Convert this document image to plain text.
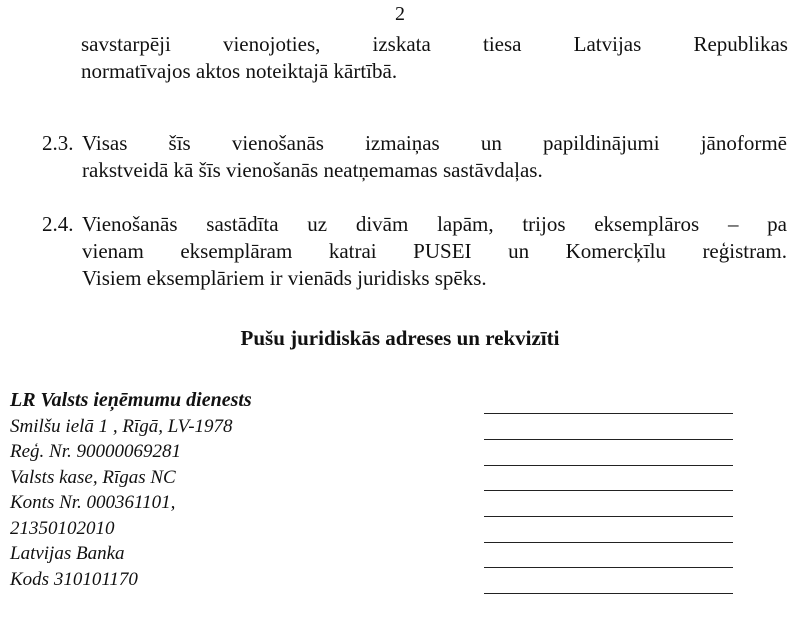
2
savstarpēji vienojoties, izskata tiesa Latvijas Republikas
normatīvajos aktos noteiktajā kārtībā.
2.3. Visas šīs vienošanās izmaiņas un papildinājumi jānoformē
rakstveidā kā šīs vienošanās neatņemamas sastāvdaļas.
2.4. Vienošanās sastādīta uz divām lapām, trijos eksemplāros – pa
vienam eksemplāram katrai PUSEI un Komercķīlu reģistram.
Visiem eksemplāriem ir vienāds juridisks spēks.
Pušu juridiskās adreses un rekvizīti
LR Valsts ieņēmumu dienests
Smilšu ielā 1 , Rīgā, LV-1978
Reģ. Nr. 90000069281
Valsts kase, Rīgas NC
Konts Nr. 000361101,
21350102010
Latvijas Banka
Kods 310101170
